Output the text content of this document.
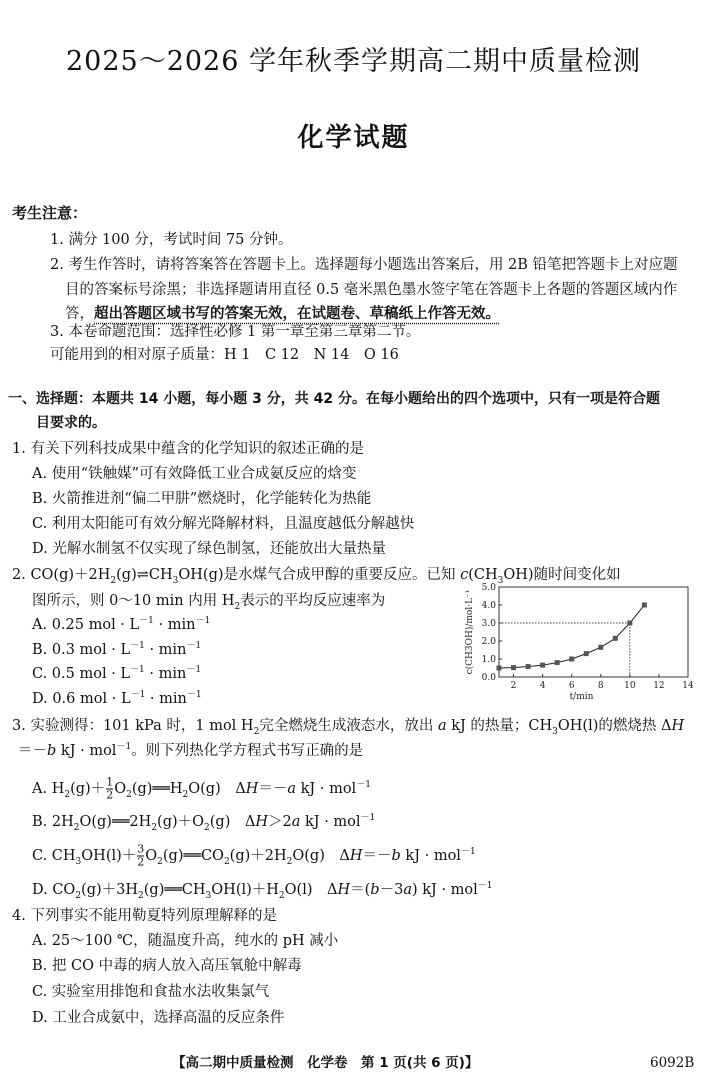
2025～2026 学年秋季学期高二期中质量检测
化学试题
考生注意：
1. 满分 100 分，考试时间 75 分钟。
2. 考生作答时，请将答案答在答题卡上。选择题每小题选出答案后，用 2B 铅笔把答题卡上对应题
目的答案标号涂黑；非选择题请用直径 0.5 毫米黑色墨水签字笔在答题卡上各题的答题区域内作
答，超出答题区域书写的答案无效，在试题卷、草稿纸上作答无效。
3. 本卷命题范围：选择性必修 1 第一章至第三章第二节。
可能用到的相对原子质量：H 1　C 12　N 14　O 16
一、选择题：本题共 14 小题，每小题 3 分，共 42 分。在每小题给出的四个选项中，只有一项是符合题
目要求的。
1. 有关下列科技成果中蕴含的化学知识的叙述正确的是
A. 使用“铁触媒”可有效降低工业合成氨反应的焓变
B. 火箭推进剂“偏二甲肼”燃烧时，化学能转化为热能
C. 利用太阳能可有效分解光降解材料，且温度越低分解越快
D. 光解水制氢不仅实现了绿色制氢，还能放出大量热量
2. $CO(g)+2H_2(g)\rightleftharpoons CH_3OH(g)$是水煤气合成甲醇的重要反应。已知 $c(CH_3OH)$随时间变化如
图所示，则 0～10 min 内用 $H_2$表示的平均反应速率为
A. 0.25 mol · $L^{-1} \cdot \min^{-1}$
B. 0.3 mol · $L^{-1} \cdot \min^{-1}$
C. 0.5 mol · $L^{-1} \cdot \min^{-1}$
D. 0.6 mol · $L^{-1} \cdot \min^{-1}$
0.0
1.0
2.0
3.0
4.0
5.0
2	4	6	8 10 12 14
t/min
c(CH3OH)/mol·L⁻¹
3. 实验测得：101 kPa 时，1 mol $H_2$完全燃烧生成液态水，放出 a kJ 的热量；$CH_3OH(l)$的燃烧热 ΔH
＝－b kJ · mol$^{-1}$。则下列热化学方程式书写正确的是
A. $H_2(g)+ \frac{1}{2}$ $O_2(g)══H_2O(g)$　ΔH＝－a kJ · mol$^{-1}$
B. $2H_2O(g)══2H_2(g)+O_2(g)$　ΔH＞2a kJ · mol$^{-1}$
C. $CH_3OH(l)+ \frac{3}{2}$ $O_2(g)══CO_2(g)+2H_2O(g)$　ΔH＝－b kJ · mol$^{-1}$
D. $CO_2(g)+3H_2(g)══CH_3OH(l)+H_2O(l)$　ΔH＝(b－3a) kJ · mol$^{-1}$
4. 下列事实不能用勒夏特列原理解释的是
A. 25～100 ℃，随温度升高，纯水的 pH 减小
B. 把 CO 中毒的病人放入高压氧舱中解毒
C. 实验室用排饱和食盐水法收集氯气
D. 工业合成氨中，选择高温的反应条件
【高二期中质量检测　化学卷　第 1 页(共 6 页)】	6092B
